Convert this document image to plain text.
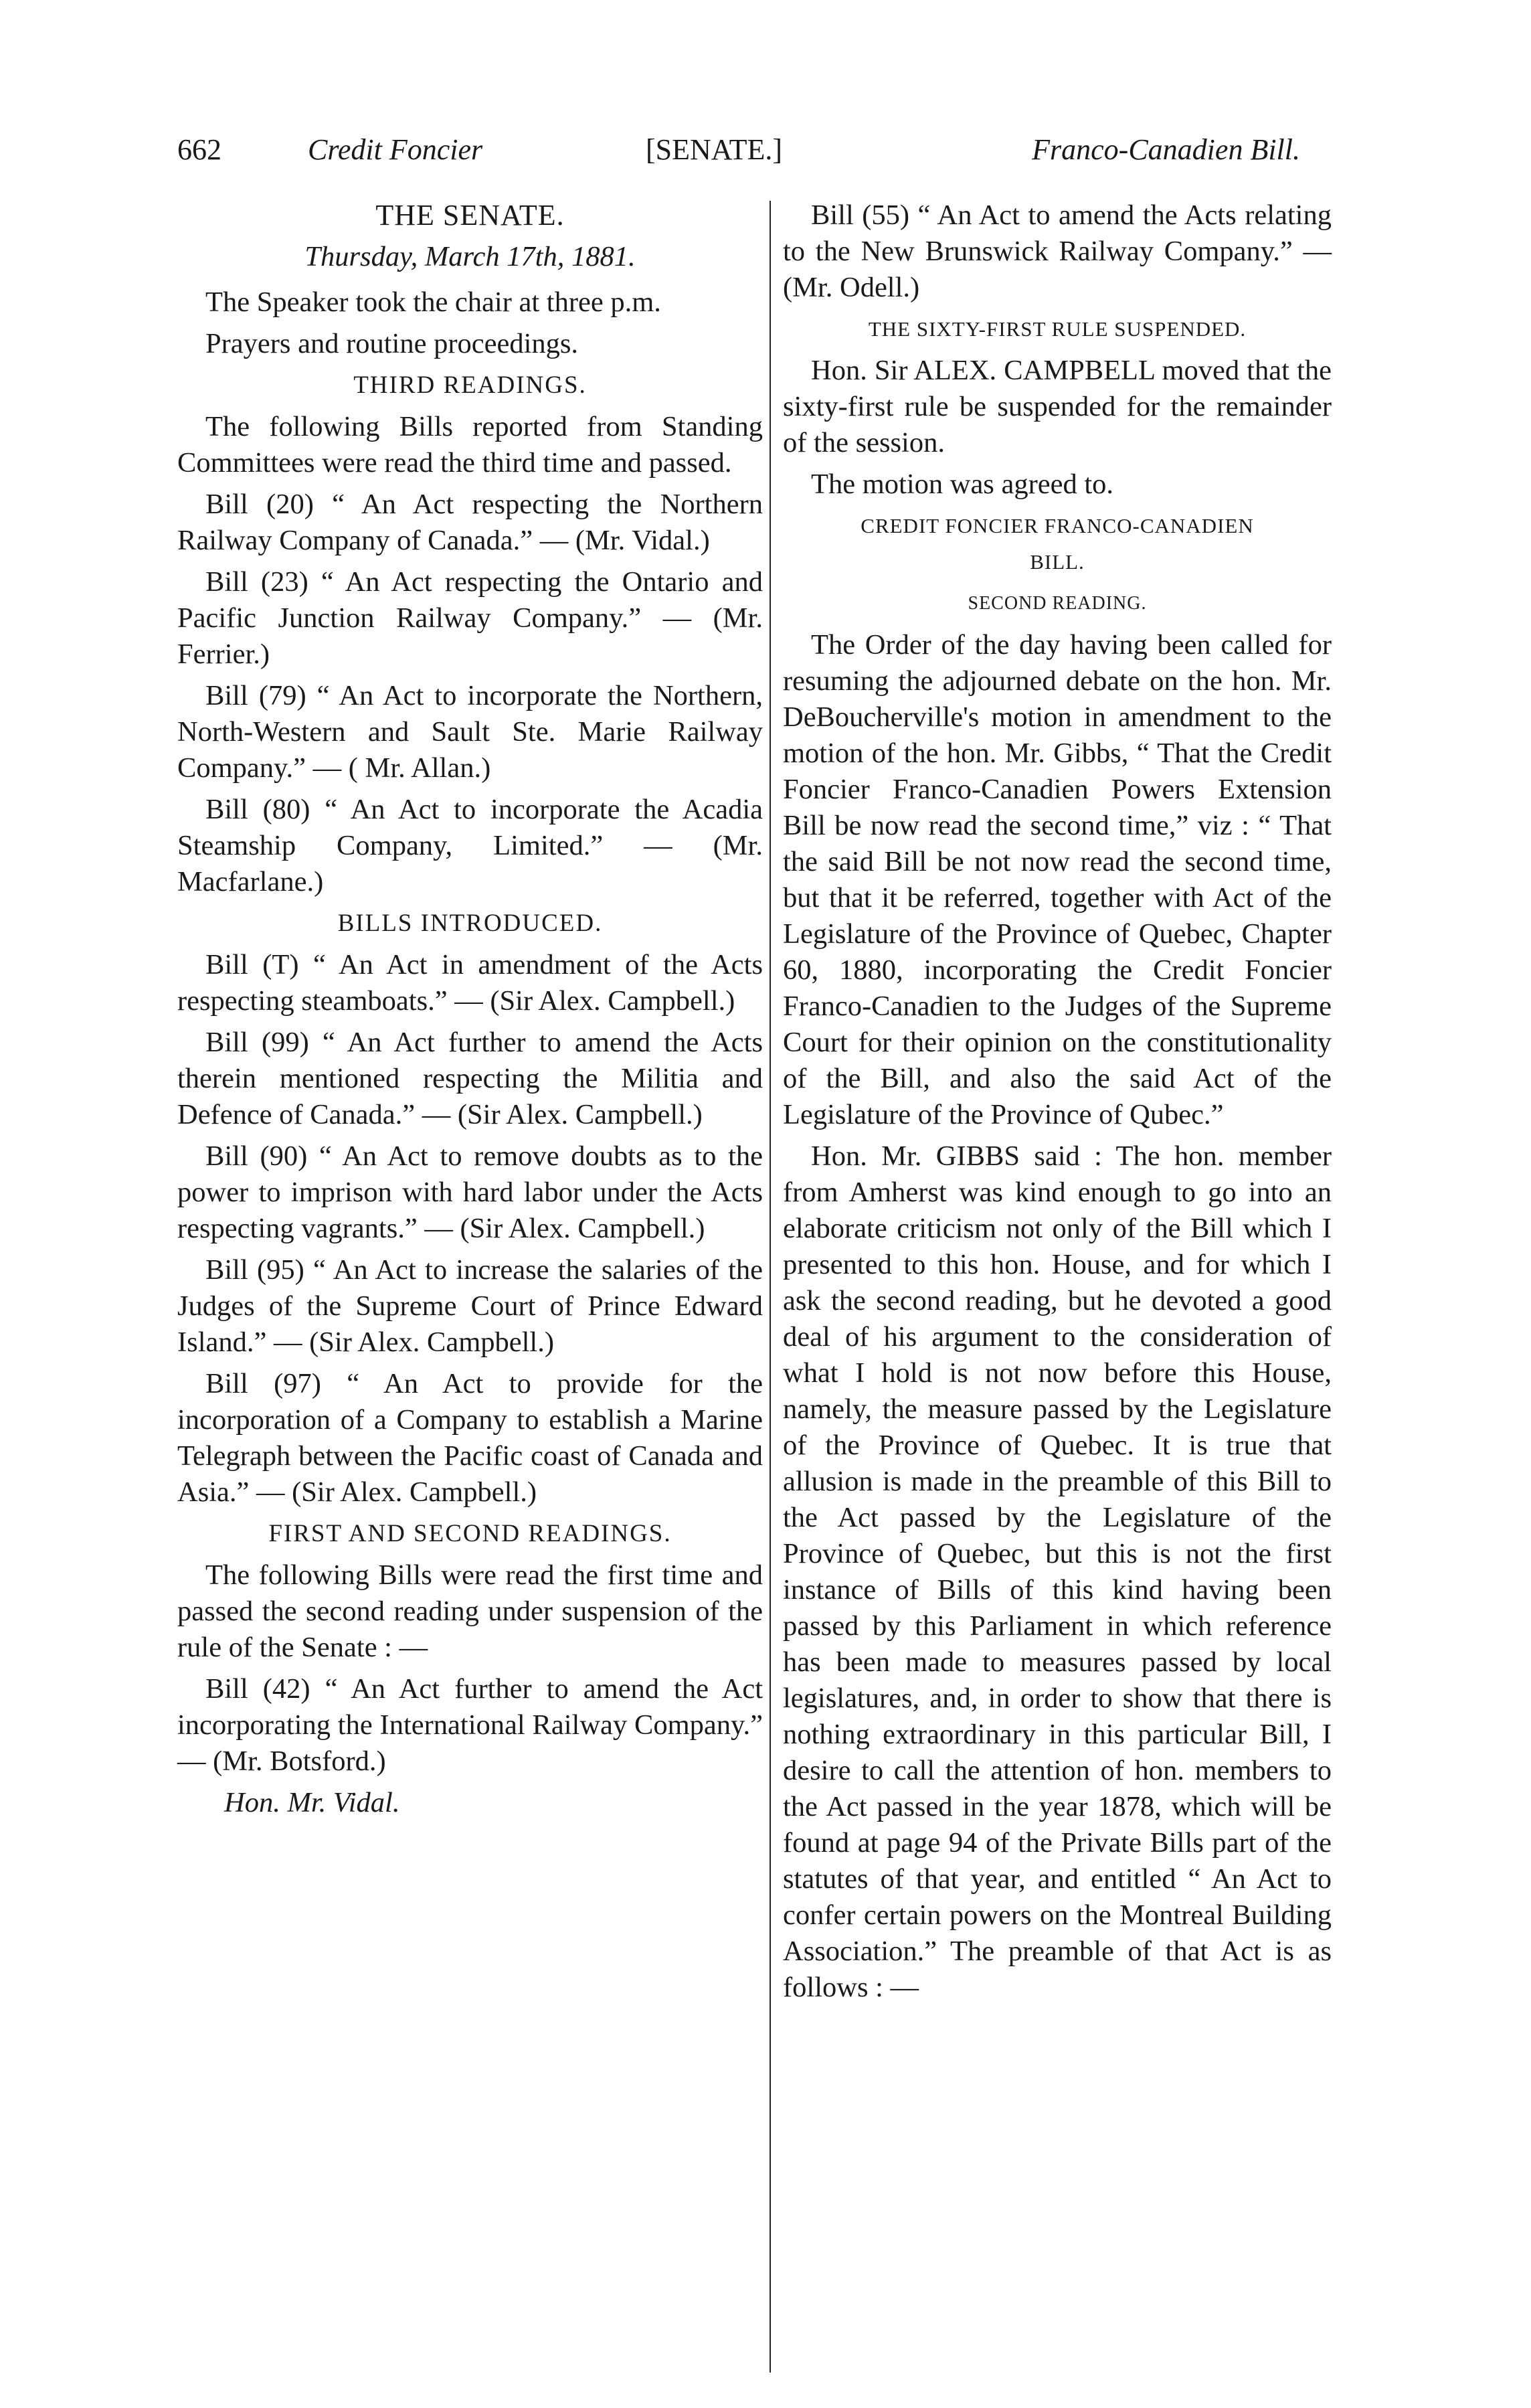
662	Credit Foncier	[SENATE.]	Franco-Canadien Bill.
THE SENATE.
Thursday, March 17th, 1881.

The Speaker took the chair at three p.m.

Prayers and routine proceedings.

THIRD READINGS.

The following Bills reported from Standing Committees were read the third time and passed.

Bill (20) “ An Act respecting the Northern Railway Company of Canada.” — (Mr. Vidal.)

Bill (23) “ An Act respecting the Ontario and Pacific Junction Railway Company.” — (Mr. Ferrier.)

Bill (79) “ An Act to incorporate the Northern, North-Western and Sault Ste. Marie Railway Company.” — ( Mr. Allan.)

Bill (80) “ An Act to incorporate the Acadia Steamship Company, Limited.” — (Mr. Macfarlane.)

BILLS INTRODUCED.

Bill (T) “ An Act in amendment of the Acts respecting steamboats.” — (Sir Alex. Campbell.)

Bill (99) “ An Act further to amend the Acts therein mentioned respecting the Militia and Defence of Canada.” — (Sir Alex. Campbell.)

Bill (90) “ An Act to remove doubts as to the power to imprison with hard labor under the Acts respecting vagrants.” — (Sir Alex. Campbell.)

Bill (95) “ An Act to increase the salaries of the Judges of the Supreme Court of Prince Edward Island.” — (Sir Alex. Campbell.)

Bill (97) “ An Act to provide for the incorporation of a Company to establish a Marine Telegraph between the Pacific coast of Canada and Asia.” — (Sir Alex. Campbell.)

FIRST AND SECOND READINGS.

The following Bills were read the first time and passed the second reading under suspension of the rule of the Senate : —

Bill (42) “ An Act further to amend the Act incorporating the International Railway Company.” — (Mr. Botsford.)

Hon. Mr. Vidal.

Bill (55) “ An Act to amend the Acts relating to the New Brunswick Railway Company.” — (Mr. Odell.)

THE SIXTY-FIRST RULE SUSPENDED.

Hon. Sir ALEX. CAMPBELL moved that the sixty-first rule be suspended for the remainder of the session.

The motion was agreed to.

CREDIT FONCIER FRANCO-CANADIEN
BILL.
SECOND READING.

The Order of the day having been called for resuming the adjourned debate on the hon. Mr. DeBoucherville's motion in amendment to the motion of the hon. Mr. Gibbs, “ That the Credit Foncier Franco-Canadien Powers Extension Bill be now read the second time,” viz : “ That the said Bill be not now read the second time, but that it be referred, together with Act of the Legislature of the Province of Quebec, Chapter 60, 1880, incorporating the Credit Foncier Franco-Canadien to the Judges of the Supreme Court for their opinion on the constitutionality of the Bill, and also the said Act of the Legislature of the Province of Qubec.”

Hon. Mr. GIBBS said : The hon. member from Amherst was kind enough to go into an elaborate criticism not only of the Bill which I presented to this hon. House, and for which I ask the second reading, but he devoted a good deal of his argument to the consideration of what I hold is not now before this House, namely, the measure passed by the Legislature of the Province of Quebec. It is true that allusion is made in the preamble of this Bill to the Act passed by the Legislature of the Province of Quebec, but this is not the first instance of Bills of this kind having been passed by this Parliament in which reference has been made to measures passed by local legislatures, and, in order to show that there is nothing extraordinary in this particular Bill, I desire to call the attention of hon. members to the Act passed in the year 1878, which will be found at page 94 of the Private Bills part of the statutes of that year, and entitled “ An Act to confer certain powers on the Montreal Building Association.” The preamble of that Act is as follows : —
